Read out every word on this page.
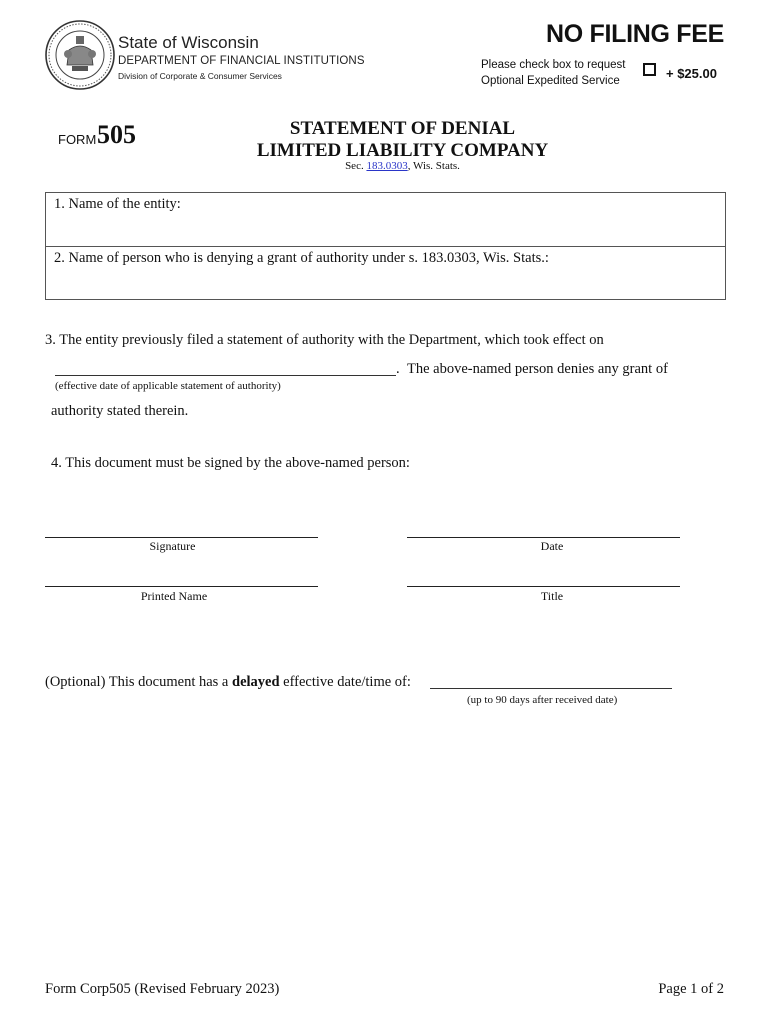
State of Wisconsin
DEPARTMENT OF FINANCIAL INSTITUTIONS
Division of Corporate & Consumer Services
NO FILING FEE
Please check box to request
Optional Expedited Service	+ $25.00
FORM 505	STATEMENT OF DENIAL
LIMITED LIABILITY COMPANY
Sec. 183.0303, Wis. Stats.
1. Name of the entity:
2. Name of person who is denying a grant of authority under s. 183.0303, Wis. Stats.:
3. The entity previously filed a statement of authority with the Department, which took effect on
. The above-named person denies any grant of
(effective date of applicable statement of authority)
authority stated therein.
4. This document must be signed by the above-named person:
Signature	Date
Printed Name	Title
(Optional) This document has a delayed effective date/time of:
(up to 90 days after received date)
Form Corp505 (Revised February 2023)	Page 1 of 2
